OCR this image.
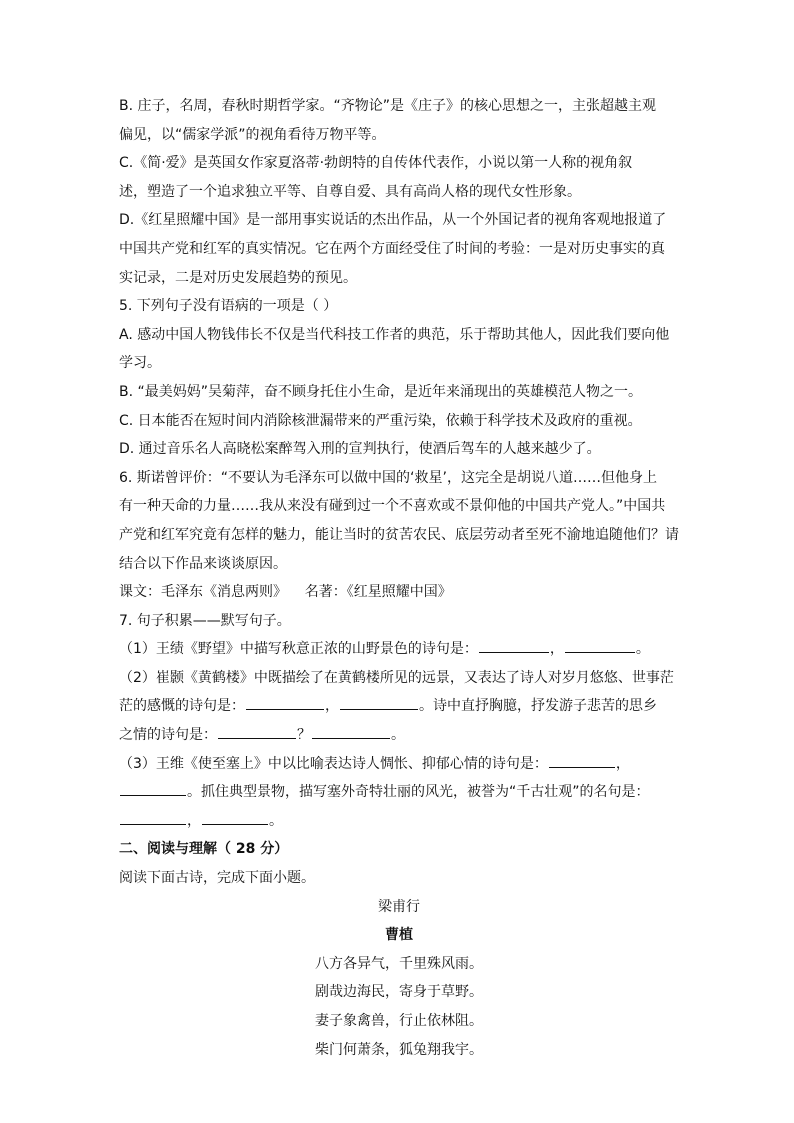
B. 庄子，名周，春秋时期哲学家。“齐物论”是《庄子》的核心思想之一，主张超越主观

偏见，以“儒家学派”的视角看待万物平等。

C.《简·爱》是英国女作家夏洛蒂·勃朗特的自传体代表作，小说以第一人称的视角叙

述，塑造了一个追求独立平等、自尊自爱、具有高尚人格的现代女性形象。

D.《红星照耀中国》是一部用事实说话的杰出作品，从一个外国记者的视角客观地报道了

中国共产党和红军的真实情况。它在两个方面经受住了时间的考验：一是对历史事实的真

实记录，二是对历史发展趋势的预见。

5. 下列句子没有语病的一项是（ ）

A. 感动中国人物钱伟长不仅是当代科技工作者的典范，乐于帮助其他人，因此我们要向他

学习。

B. “最美妈妈”吴菊萍，奋不顾身托住小生命，是近年来涌现出的英雄模范人物之一。

C. 日本能否在短时间内消除核泄漏带来的严重污染，依赖于科学技术及政府的重视。

D. 通过音乐名人高晓松案醉驾入刑的宣判执行，使酒后驾车的人越来越少了。

6. 斯诺曾评价：“不要认为毛泽东可以做中国的‘救星’，这完全是胡说八道……但他身上

有一种天命的力量……我从来没有碰到过一个不喜欢或不景仰他的中国共产党人。”中国共

产党和红军究竟有怎样的魅力，能让当时的贫苦农民、底层劳动者至死不渝地追随他们？请

结合以下作品来谈谈原因。

课文：毛泽东《消息两则》    名著：《红星照耀中国》

7. 句子积累——默写句子。

（1）王绩《野望》中描写秋意正浓的山野景色的诗句是：	，	。

（2）崔颢《黄鹤楼》中既描绘了在黄鹤楼所见的远景，又表达了诗人对岁月悠悠、世事茫

茫的感慨的诗句是：	，	。诗中直抒胸臆，抒发游子悲苦的思乡

之情的诗句是：	？	。

（3）王维《使至塞上》中以比喻表达诗人惆怅、抑郁心情的诗句是：	，

。抓住典型景物，描写塞外奇特壮丽的风光，被誉为“千古壮观”的名句是：

，	。

二、阅读与理解（ 28 分）

阅读下面古诗，完成下面小题。

梁甫行

曹植

八方各异气，千里殊风雨。

剧哉边海民，寄身于草野。

妻子象禽兽，行止依林阻。

柴门何萧条，狐兔翔我宇。
